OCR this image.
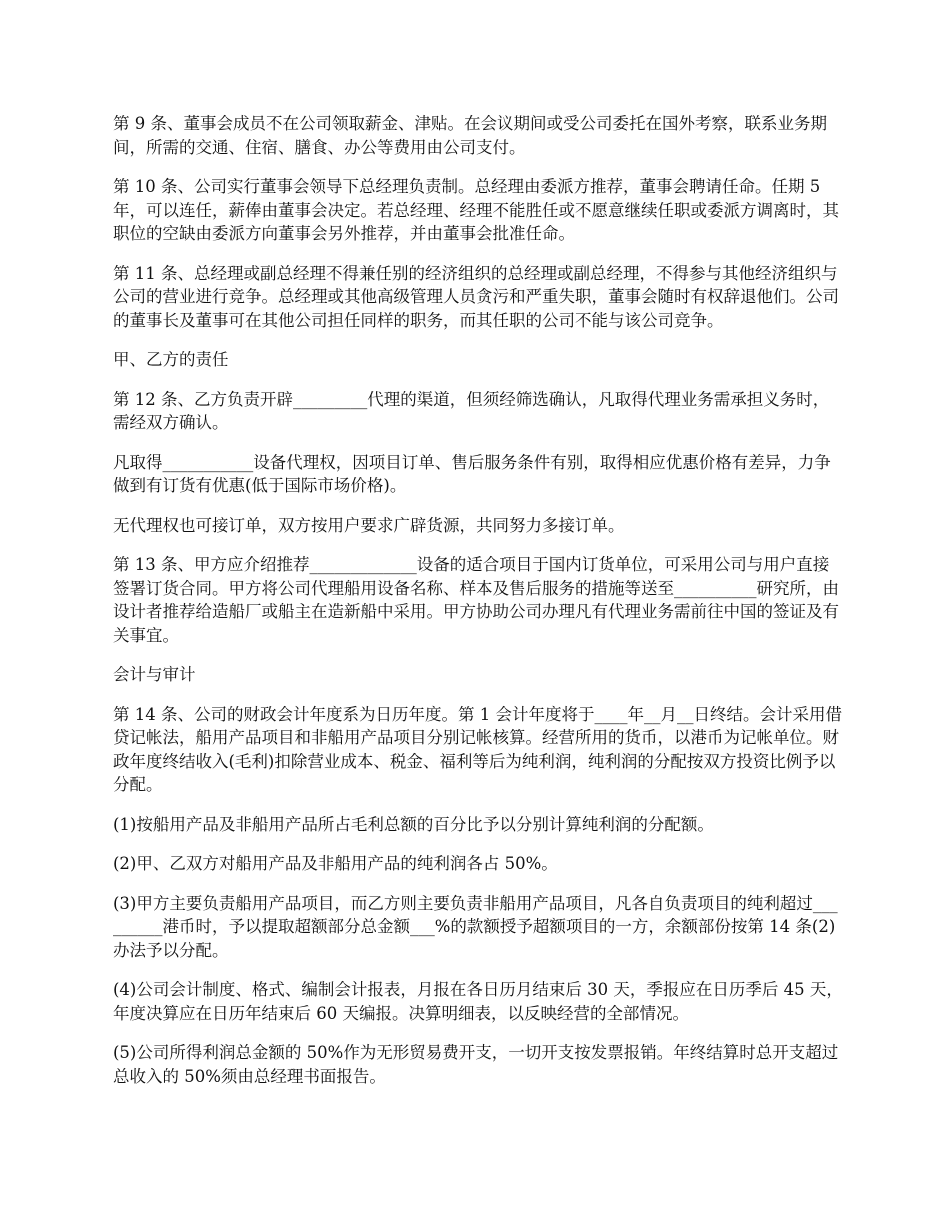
第 9 条、董事会成员不在公司领取薪金、津贴。在会议期间或受公司委托在国外考察，联系业务期间，所需的交通、住宿、膳食、办公等费用由公司支付。

第 10 条、公司实行董事会领导下总经理负责制。总经理由委派方推荐，董事会聘请任命。任期 5 年，可以连任，薪俸由董事会决定。若总经理、经理不能胜任或不愿意继续任职或委派方调离时，其职位的空缺由委派方向董事会另外推荐，并由董事会批准任命。

第 11 条、总经理或副总经理不得兼任别的经济组织的总经理或副总经理，不得参与其他经济组织与公司的营业进行竞争。总经理或其他高级管理人员贪污和严重失职，董事会随时有权辞退他们。公司的董事长及董事可在其他公司担任同样的职务，而其任职的公司不能与该公司竞争。

甲、乙方的责任

第 12 条、乙方负责开辟_________代理的渠道，但须经筛选确认，凡取得代理业务需承担义务时，需经双方确认。

凡取得___________设备代理权，因项目订单、售后服务条件有别，取得相应优惠价格有差异，力争做到有订货有优惠(低于国际市场价格)。

无代理权也可接订单，双方按用户要求广辟货源，共同努力多接订单。

第 13 条、甲方应介绍推荐_____________设备的适合项目于国内订货单位，可采用公司与用户直接签署订货合同。甲方将公司代理船用设备名称、样本及售后服务的措施等送至__________研究所，由设计者推荐给造船厂或船主在造新船中采用。甲方协助公司办理凡有代理业务需前往中国的签证及有关事宜。

会计与审计

第 14 条、公司的财政会计年度系为日历年度。第 1 会计年度将于____年__月__日终结。会计采用借贷记帐法，船用产品项目和非船用产品项目分别记帐核算。经营所用的货币，以港币为记帐单位。财政年度终结收入(毛利)扣除营业成本、税金、福利等后为纯利润，纯利润的分配按双方投资比例予以分配。

(1)按船用产品及非船用产品所占毛利总额的百分比予以分别计算纯利润的分配额。

(2)甲、乙双方对船用产品及非船用产品的纯利润各占 50%。

(3)甲方主要负责船用产品项目，而乙方则主要负责非船用产品项目，凡各自负责项目的纯利超过_________港币时，予以提取超额部分总金额___%的款额授予超额项目的一方，余额部份按第 14 条(2)办法予以分配。

(4)公司会计制度、格式、编制会计报表，月报在各日历月结束后 30 天，季报应在日历季后 45 天，年度决算应在日历年结束后 60 天编报。决算明细表，以反映经营的全部情况。

(5)公司所得利润总金额的 50%作为无形贸易费开支，一切开支按发票报销。年终结算时总开支超过总收入的 50%须由总经理书面报告。
